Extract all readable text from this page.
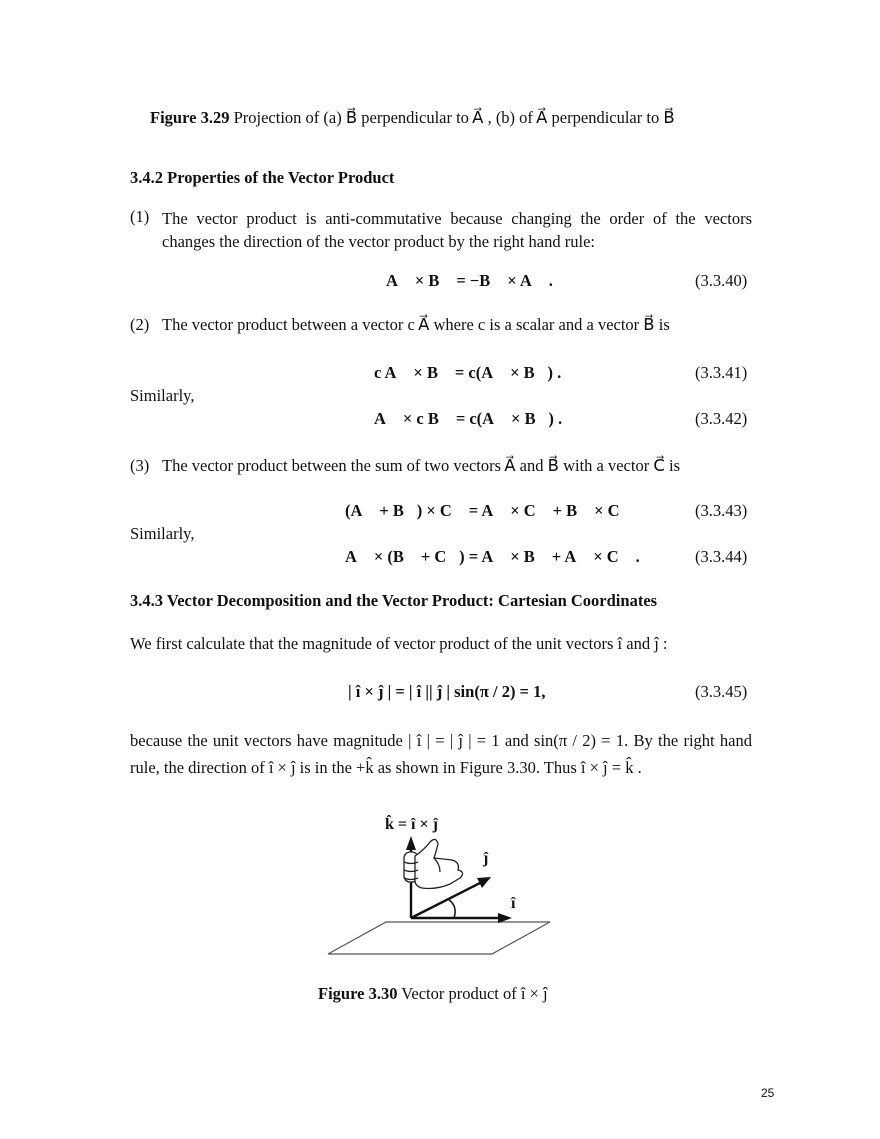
Figure 3.29 Projection of (a) B⃗ perpendicular to A⃗ , (b) of A⃗ perpendicular to B⃗
3.4.2 Properties of the Vector Product
(1) The vector product is anti-commutative because changing the order of the vectors
changes the direction of the vector product by the right hand rule:
A⃗ × B⃗ = −B⃗ × A⃗ .	(3.3.40)
(2) The vector product between a vector c A⃗ where c is a scalar and a vector B⃗ is
c A⃗ × B⃗ = c(A⃗ × B⃗) .	(3.3.41)
Similarly,
A⃗ × c B⃗ = c(A⃗ × B⃗) .	(3.3.42)
(3) The vector product between the sum of two vectors A⃗ and B⃗ with a vector C⃗ is
(A⃗ + B⃗) × C⃗ = A⃗ × C⃗ + B⃗ × C⃗	(3.3.43)
Similarly,
A⃗ × (B⃗ + C⃗) = A⃗ × B⃗ + A⃗ × C⃗ .	(3.3.44)
3.4.3 Vector Decomposition and the Vector Product: Cartesian Coordinates
We first calculate that the magnitude of vector product of the unit vectors î and ĵ :
| î × ĵ | = | î || ĵ | sin(π / 2) = 1,	(3.3.45)
because the unit vectors have magnitude | î | = | ĵ | = 1 and sin(π / 2) = 1. By the right hand
rule, the direction of î × ĵ is in the +k̂ as shown in Figure 3.30. Thus î × ĵ = k̂ .
k̂ = î × ĵ
ĵ
î
Figure 3.30 Vector product of î × ĵ
25
